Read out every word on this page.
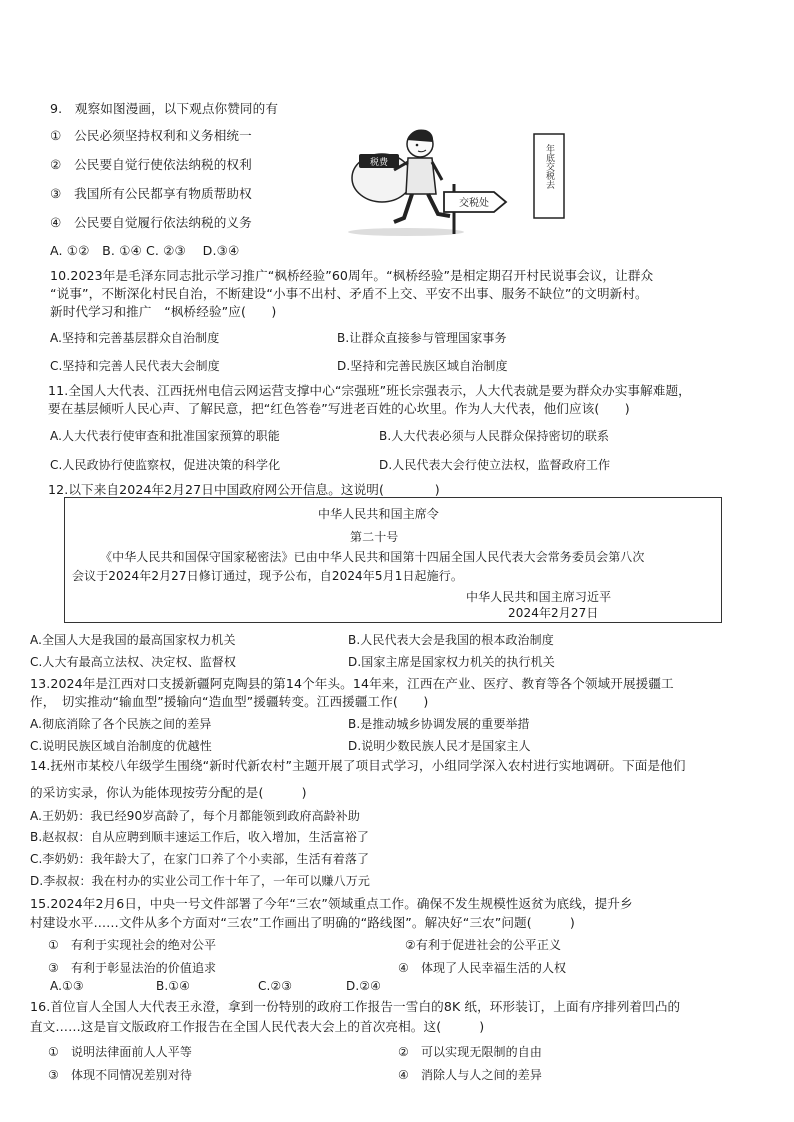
9.　观察如图漫画，以下观点你赞同的有
①　公民必须坚持权利和义务相统一
②　公民要自觉行使依法纳税的权利
③　我国所有公民都享有物质帮助权
④　公民要自觉履行依法纳税的义务
A. ①②　B. ①④ C. ②③　 D.③④
税费
交税处
年底交税去
10.2023年是毛泽东同志批示学习推广“枫桥经验”60周年。“枫桥经验”是相定期召开村民说事会议，让群众
“说事”，不断深化村民自治，不断建设“小事不出村、矛盾不上交、平安不出事、服务不缺位”的文明新村。
新时代学习和推广　“枫桥经验”应(　　)
A.坚持和完善基层群众自治制度	B.让群众直接参与管理国家事务
C.坚持和完善人民代表大会制度	D.坚持和完善民族区域自治制度
11.全国人大代表、江西抚州电信云网运营支撑中心“宗强班”班长宗强表示，人大代表就是要为群众办实事解难题，
要在基层倾听人民心声、了解民意，把“红色答卷”写进老百姓的心坎里。作为人大代表，他们应该(　　)
A.人大代表行使审查和批准国家预算的职能	B.人大代表必须与人民群众保持密切的联系
C.人民政协行使监察权，促进决策的科学化	D.人民代表大会行使立法权，监督政府工作
12.以下来自2024年2月27日中国政府网公开信息。这说明(　　　　)
中华人民共和国主席令
第二十号
《中华人民共和国保守国家秘密法》已由中华人民共和国第十四届全国人民代表大会常务委员会第八次
会议于2024年2月27日修订通过，现予公布，自2024年5月1日起施行。
中华人民共和国主席习近平
2024年2月27日
A.全国人大是我国的最高国家权力机关	B.人民代表大会是我国的根本政治制度
C.人大有最高立法权、决定权、监督权	D.国家主席是国家权力机关的执行机关
13.2024年是江西对口支援新疆阿克陶县的第14个年头。14年来，江西在产业、医疗、教育等各个领域开展援疆工
作，　切实推动“输血型”援输向“造血型”援疆转变。江西援疆工作(　　)
A.彻底消除了各个民族之间的差异	B.是推动城乡协调发展的重要举措
C.说明民族区域自治制度的优越性	D.说明少数民族人民才是国家主人
14.抚州市某校八年级学生围绕“新时代新农村”主题开展了项目式学习，小组同学深入农村进行实地调研。下面是他们
的采访实录，你认为能体现按劳分配的是(　　　)
A.王奶奶：我已经90岁高龄了，每个月都能领到政府高龄补助
B.赵叔叔：自从应聘到顺丰速运工作后，收入增加，生活富裕了
C.李奶奶：我年龄大了，在家门口养了个小卖部，生活有着落了
D.李叔叔：我在村办的实业公司工作十年了，一年可以赚八万元
15.2024年2月6日，中央一号文件部署了今年“三农”领域重点工作。确保不发生规模性返贫为底线，提升乡
村建设水平……文件从多个方面对“三农”工作画出了明确的“路线图”。解决好“三农”问题(　　　)
①　有利于实现社会的绝对公平	②有利于促进社会的公平正义
③　有利于彰显法治的价值追求	④　体现了人民幸福生活的人权
A.①③	B.①④	C.②③	D.②④
16.首位盲人全国人大代表王永澄，拿到一份特别的政府工作报告一雪白的8K 纸，环形装订，上面有序排列着凹凸的
直文……这是盲文版政府工作报告在全国人民代表大会上的首次亮相。这(　　　)
①　说明法律面前人人平等	②　可以实现无限制的自由
③　体现不同情况差别对待	④　消除人与人之间的差异
